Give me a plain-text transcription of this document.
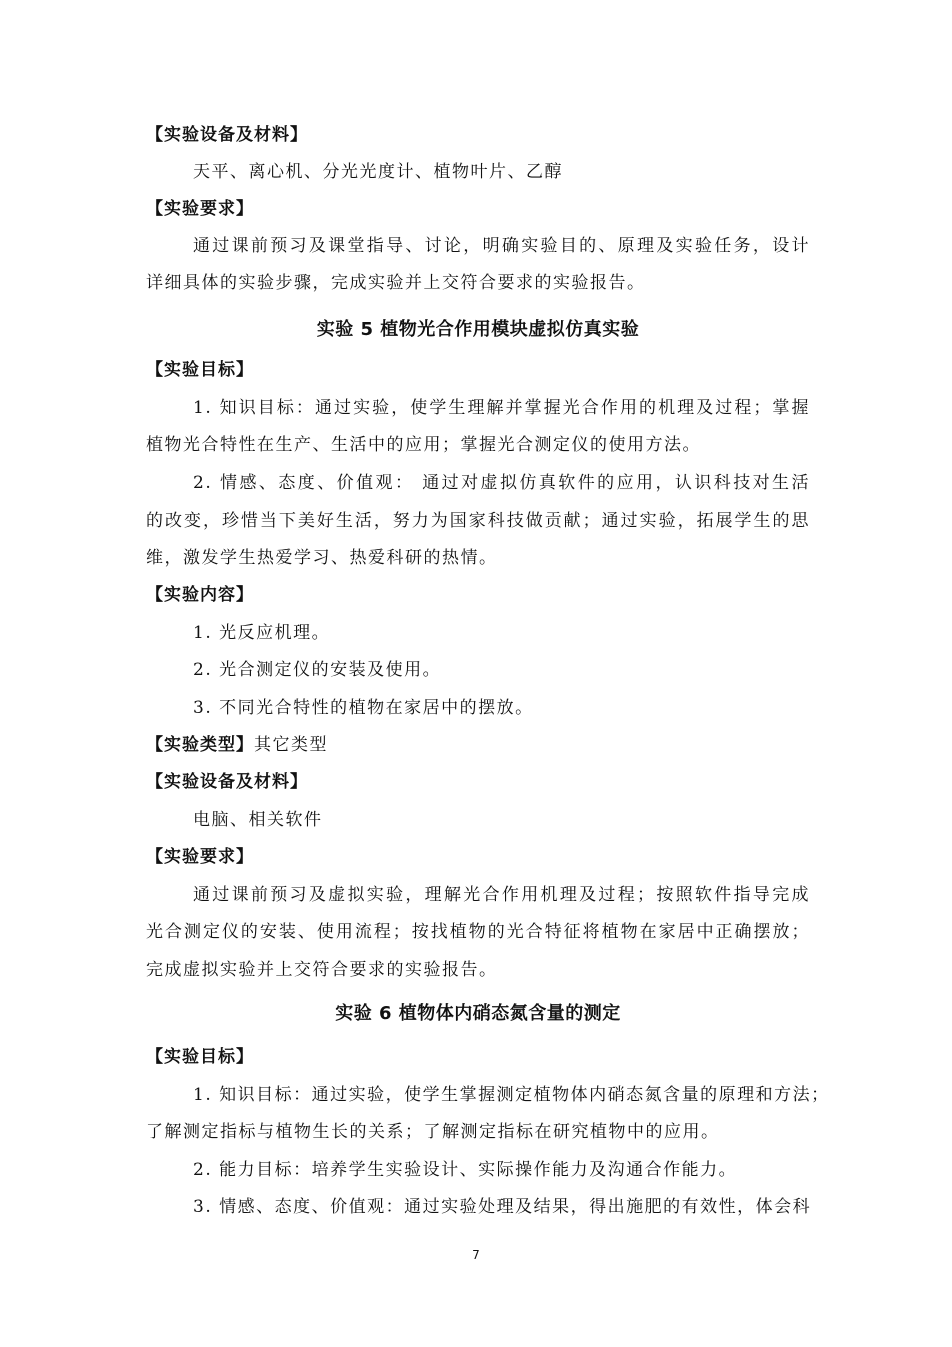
【实验设备及材料】
天平、离心机、分光光度计、植物叶片、乙醇
【实验要求】
通过课前预习及课堂指导、讨论，明确实验目的、原理及实验任务，设计
详细具体的实验步骤，完成实验并上交符合要求的实验报告。
实验 5 植物光合作用模块虚拟仿真实验
【实验目标】
1. 知识目标：通过实验，使学生理解并掌握光合作用的机理及过程；掌握
植物光合特性在生产、生活中的应用；掌握光合测定仪的使用方法。
2. 情感、态度、价值观： 通过对虚拟仿真软件的应用，认识科技对生活
的改变，珍惜当下美好生活，努力为国家科技做贡献；通过实验，拓展学生的思
维，激发学生热爱学习、热爱科研的热情。
【实验内容】
1. 光反应机理。
2. 光合测定仪的安装及使用。
3. 不同光合特性的植物在家居中的摆放。
【实验类型】其它类型
【实验设备及材料】
电脑、相关软件
【实验要求】
通过课前预习及虚拟实验，理解光合作用机理及过程；按照软件指导完成
光合测定仪的安装、使用流程；按找植物的光合特征将植物在家居中正确摆放；
完成虚拟实验并上交符合要求的实验报告。
实验 6 植物体内硝态氮含量的测定
【实验目标】
1. 知识目标：通过实验，使学生掌握测定植物体内硝态氮含量的原理和方法；
了解测定指标与植物生长的关系；了解测定指标在研究植物中的应用。
2. 能力目标：培养学生实验设计、实际操作能力及沟通合作能力。
3. 情感、态度、价值观：通过实验处理及结果，得出施肥的有效性，体会科
7
